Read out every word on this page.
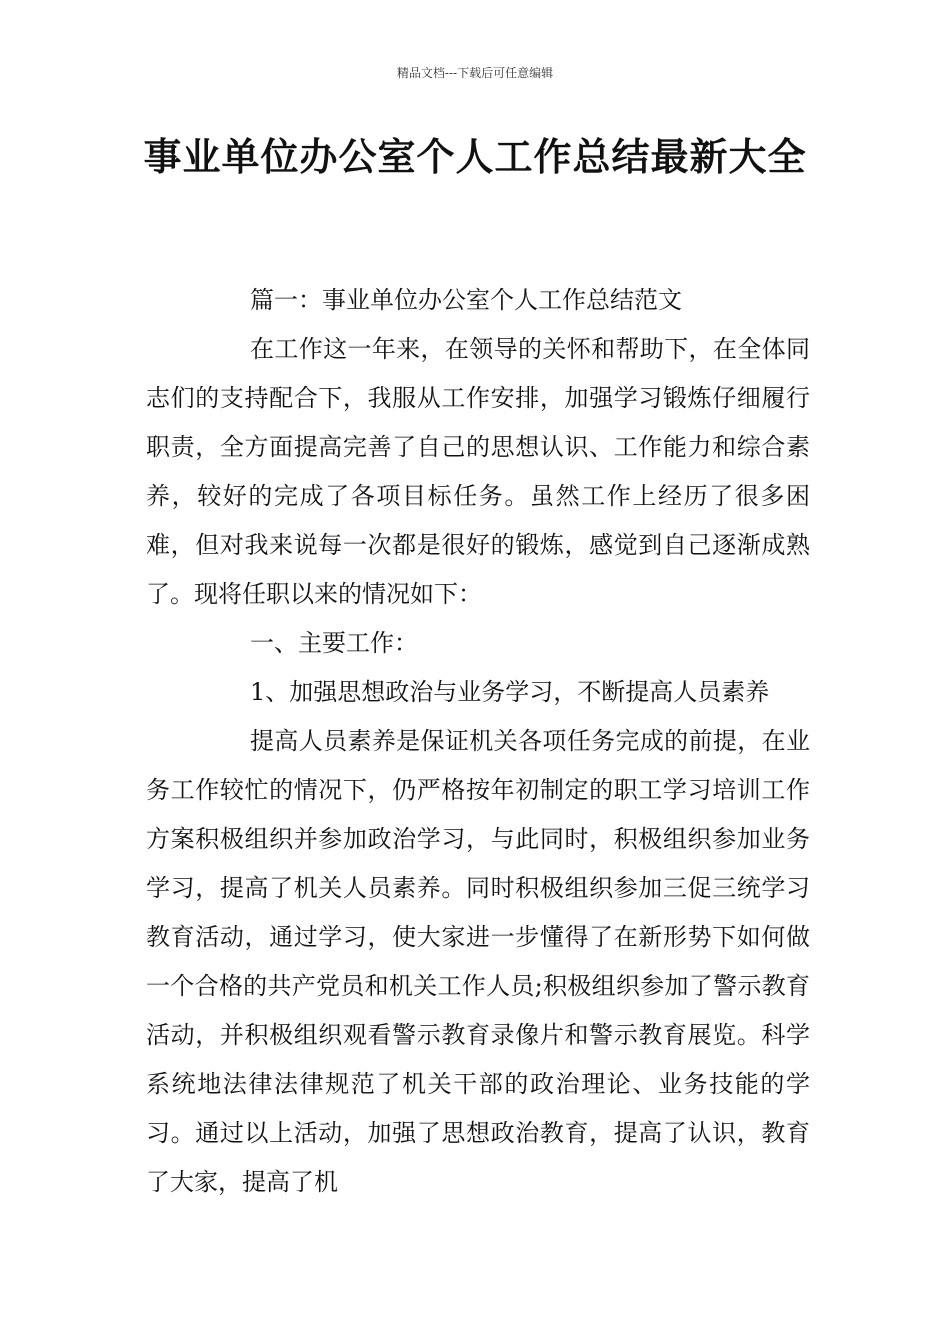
精品文档---下载后可任意编辑
事业单位办公室个人工作总结最新大全

篇一：事业单位办公室个人工作总结范文

在工作这一年来，在领导的关怀和帮助下，在全体同志们的支持配合下，我服从工作安排，加强学习锻炼仔细履行职责，全方面提高完善了自己的思想认识、工作能力和综合素养，较好的完成了各项目标任务。虽然工作上经历了很多困难，但对我来说每一次都是很好的锻炼，感觉到自己逐渐成熟了。现将任职以来的情况如下：

一、主要工作：

1、加强思想政治与业务学习，不断提高人员素养

提高人员素养是保证机关各项任务完成的前提，在业务工作较忙的情况下，仍严格按年初制定的职工学习培训工作方案积极组织并参加政治学习，与此同时，积极组织参加业务学习，提高了机关人员素养。同时积极组织参加三促三统学习教育活动，通过学习，使大家进一步懂得了在新形势下如何做一个合格的共产党员和机关工作人员;积极组织参加了警示教育活动，并积极组织观看警示教育录像片和警示教育展览。科学系统地法律法律规范了机关干部的政治理论、业务技能的学习。通过以上活动，加强了思想政治教育，提高了认识，教育了大家，提高了机
